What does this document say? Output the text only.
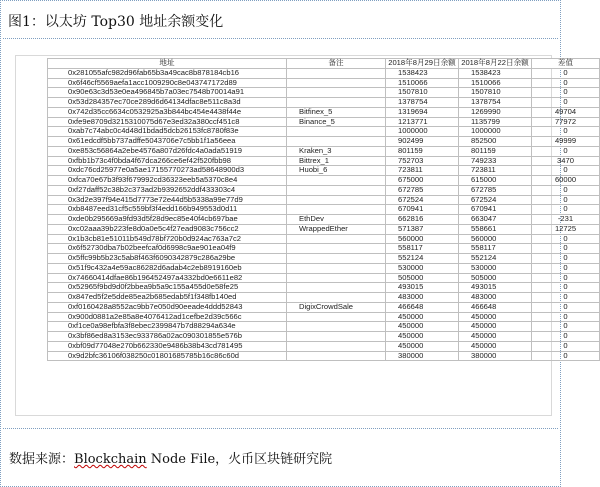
图1：以太坊 Top30 地址余额变化
地址	备注	2018年8月29日余额	2018年8月22日余额	差值
0x281055afc982d96fab65b3a49cac8b878184cb16		1538423	1538423	0
0x6f46cf5569aefa1acc1009290c8e043747172d89		1510066	1510066	0
0x90e63c3d53e0ea496845b7a03ec7548b70014a91		1507810	1507810	0
0x53d284357ec70ce289d6d64134dfac8e511c8a3d		1378754	1378754	0
0x742d35cc6634c0532925a3b844bc454e4438f44e	Bitfinex_5	1319694	1269990	49704
0xfe9e8709d3215310075d67e3ed32a380ccf451c8	Binance_5	1213771	1135799	77972
0xab7c74abc0c4d48d1bdad5dcb26153fc8780f83e		1000000	1000000	0
0x61edcdf5bb737adffe5043706e7c5bb1f1a56eea		902499	852500	49999
0xe853c56864a2ebe4576a807d26fdc4a0ada51919	Kraken_3	801159	801159	0
0xfbb1b73c4f0bda4f67dca266ce6ef42f520fbb98	Bittrex_1	752703	749233	3470
0xdc76cd25977e0a5ae17155770273ad58648900d3	Huobi_6	723811	723811	0
0xfca70e67b3f93f679992cd36323eeb5a5370c8e4		675000	615000	60000
0xf27daff52c38b2c373ad2b9392652ddf433303c4		672785	672785	0
0x3d2e397f94e415d7773e72e44d5b5338a99e77d9		672524	672524	0
0xb8487eed31cf5c559bf3f4edd166b949553d0d11		670941	670941	0
0xde0b295669a9fd93d5f28d9ec85e40f4cb697bae	EthDev	662816	663047	-231
0xc02aaa39b223fe8d0a0e5c4f27ead9083c756cc2	WrappedEther	571387	558661	12725
0x1b3cb81e51011b549d78bf720b0d924ac763a7c2		560000	560000	0
0x6f52730dba7b02beefcaf0d6998c9ae901ea04f9		558117	558117	0
0x5ffc99b5b23c5ab8f463f6090342879c286a29be		552124	552124	0
0x51f9c432a4e59ac86282d6adab4c2eb8919160eb		530000	530000	0
0x74660414dfae86b196452497a4332bd0e6611e82		505000	505000	0
0x52965f9bd9d0f2bbea9b5a9c155a455d0e58fe25		493015	493015	0
0x847ed5f2e5dde85ea2b685edab5f1f348fb140ed		483000	483000	0
0xf0160428a8552ac9bb7e050d90eeade4ddd52843	DigixCrowdSale	466648	466648	0
0x900d0881a2e85a8e4076412ad1cefbe2d39c566c		450000	450000	0
0xf1ce0a98efbfa3f8ebec2399847b7d88294a634e		450000	450000	0
0x3bf86ed8a3153ec933786a02ac090301855e576b		450000	450000	0
0xbf09d77048e270b662330e9486b38b43cd781495		450000	450000	0
0x9d2bfc36106f038250c01801685785b16c86c60d		380000	380000	0
数据来源：Blockchain Node File，火币区块链研究院
